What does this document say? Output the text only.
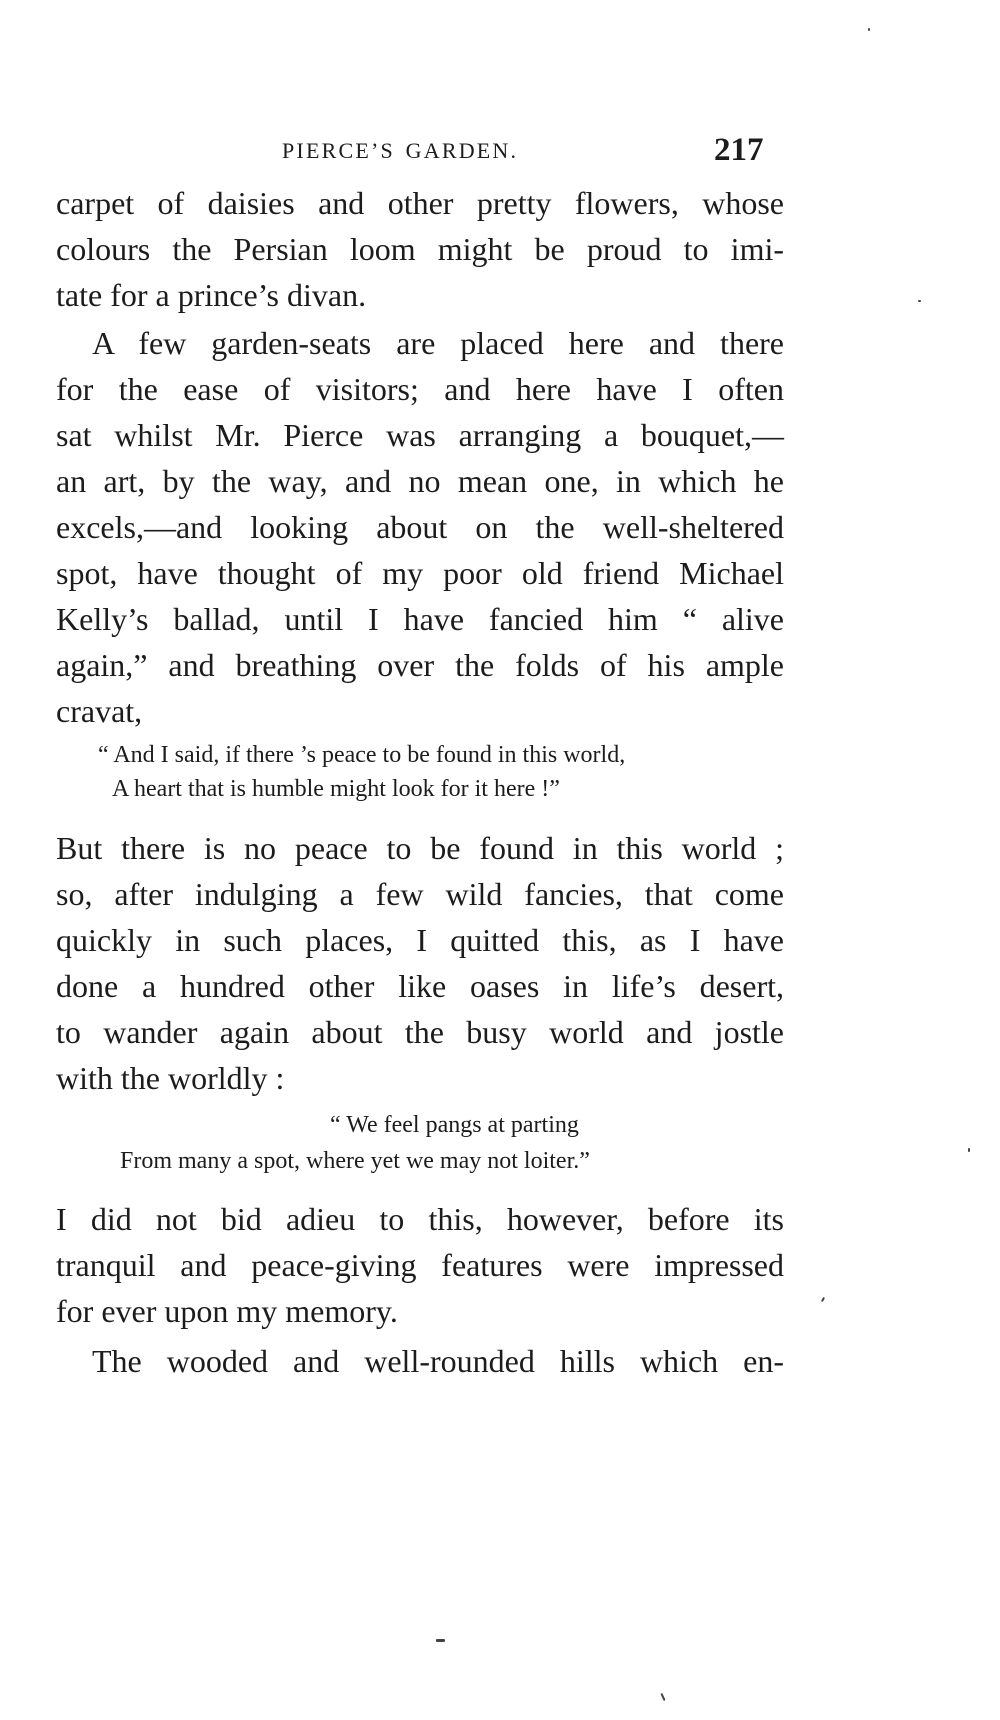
PIERCE’S GARDEN.	217
carpet of daisies and other pretty flowers, whose
colours the Persian loom might be proud to imi-
tate for a prince’s divan.
A few garden-seats are placed here and there
for the ease of visitors; and here have I often
sat whilst Mr. Pierce was arranging a bouquet,—
an art, by the way, and no mean one, in which he
excels,—and looking about on the well-sheltered
spot, have thought of my poor old friend Michael
Kelly’s ballad, until I have fancied him “ alive
again,” and breathing over the folds of his ample
cravat,
“ And I said, if there ’s peace to be found in this world,
A heart that is humble might look for it here !”
But there is no peace to be found in this world ;
so, after indulging a few wild fancies, that come
quickly in such places, I quitted this, as I have
done a hundred other like oases in life’s desert,
to wander again about the busy world and jostle
with the worldly :
“ We feel pangs at parting
From many a spot, where yet we may not loiter.”
I did not bid adieu to this, however, before its
tranquil and peace-giving features were impressed
for ever upon my memory.
The wooded and well-rounded hills which en-
